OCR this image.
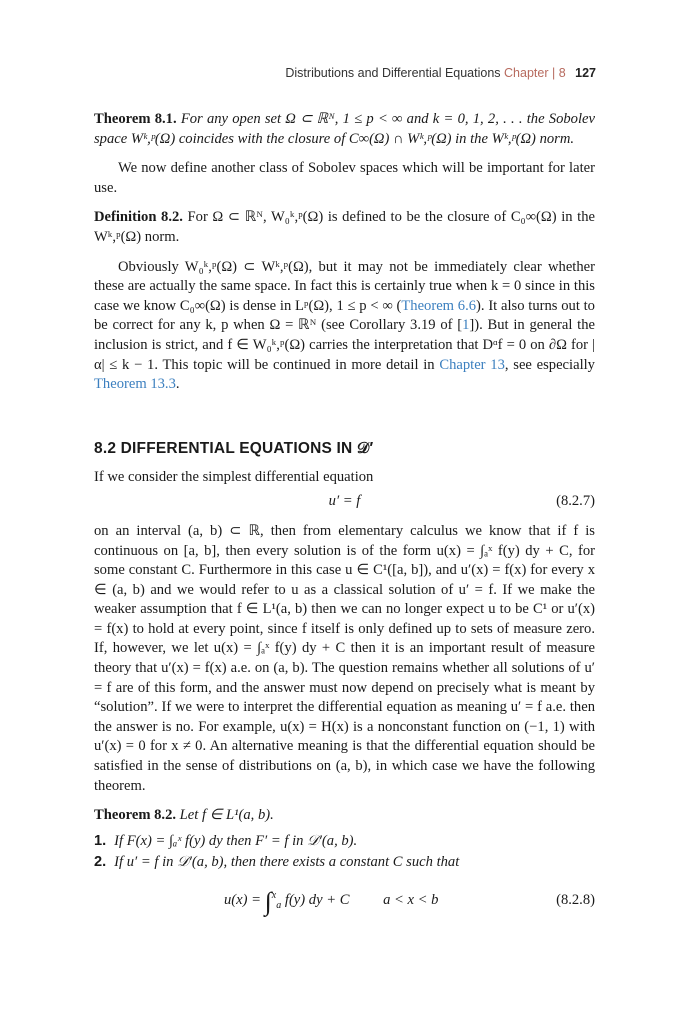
Distributions and Differential Equations Chapter | 8 127

Theorem 8.1. For any open set Ω ⊂ ℝᴺ, 1 ≤ p < ∞ and k = 0, 1, 2, . . . the Sobolev space Wᵏ,ᵖ(Ω) coincides with the closure of C∞(Ω) ∩ Wᵏ,ᵖ(Ω) in the Wᵏ,ᵖ(Ω) norm.

We now define another class of Sobolev spaces which will be important for later use.

Definition 8.2. For Ω ⊂ ℝᴺ, W₀ᵏ,ᵖ(Ω) is defined to be the closure of C₀∞(Ω) in the Wᵏ,ᵖ(Ω) norm.

Obviously W₀ᵏ,ᵖ(Ω) ⊂ Wᵏ,ᵖ(Ω), but it may not be immediately clear whether these are actually the same space. In fact this is certainly true when k = 0 since in this case we know C₀∞(Ω) is dense in Lᵖ(Ω), 1 ≤ p < ∞ (Theorem 6.6). It also turns out to be correct for any k, p when Ω = ℝᴺ (see Corollary 3.19 of [1]). But in general the inclusion is strict, and f ∈ W₀ᵏ,ᵖ(Ω) carries the interpretation that Dᵅf = 0 on ∂Ω for |α| ≤ k − 1. This topic will be continued in more detail in Chapter 13, see especially Theorem 13.3.

8.2 DIFFERENTIAL EQUATIONS IN 𝒟′

If we consider the simplest differential equation

u′ = f	(8.2.7)

on an interval (a, b) ⊂ ℝ, then from elementary calculus we know that if f is continuous on [a, b], then every solution is of the form u(x) = ∫ₐˣ f(y) dy + C, for some constant C. Furthermore in this case u ∈ C¹([a, b]), and u′(x) = f(x) for every x ∈ (a, b) and we would refer to u as a classical solution of u′ = f. If we make the weaker assumption that f ∈ L¹(a, b) then we can no longer expect u to be C¹ or u′(x) = f(x) to hold at every point, since f itself is only defined up to sets of measure zero. If, however, we let u(x) = ∫ₐˣ f(y) dy + C then it is an important result of measure theory that u′(x) = f(x) a.e. on (a, b). The question remains whether all solutions of u′ = f are of this form, and the answer must now depend on precisely what is meant by “solution”. If we were to interpret the differential equation as meaning u′ = f a.e. then the answer is no. For example, u(x) = H(x) is a nonconstant function on (−1, 1) with u′(x) = 0 for x ≠ 0. An alternative meaning is that the differential equation should be satisfied in the sense of distributions on (a, b), in which case we have the following theorem.

Theorem 8.2. Let f ∈ L¹(a, b).

1. If F(x) = ∫ₐˣ f(y) dy then F′ = f in 𝒟′(a, b).

2. If u′ = f in 𝒟′(a, b), then there exists a constant C such that

u(x) = ∫$^x_a$ f(y) dy + C a < x < b	(8.2.8)
